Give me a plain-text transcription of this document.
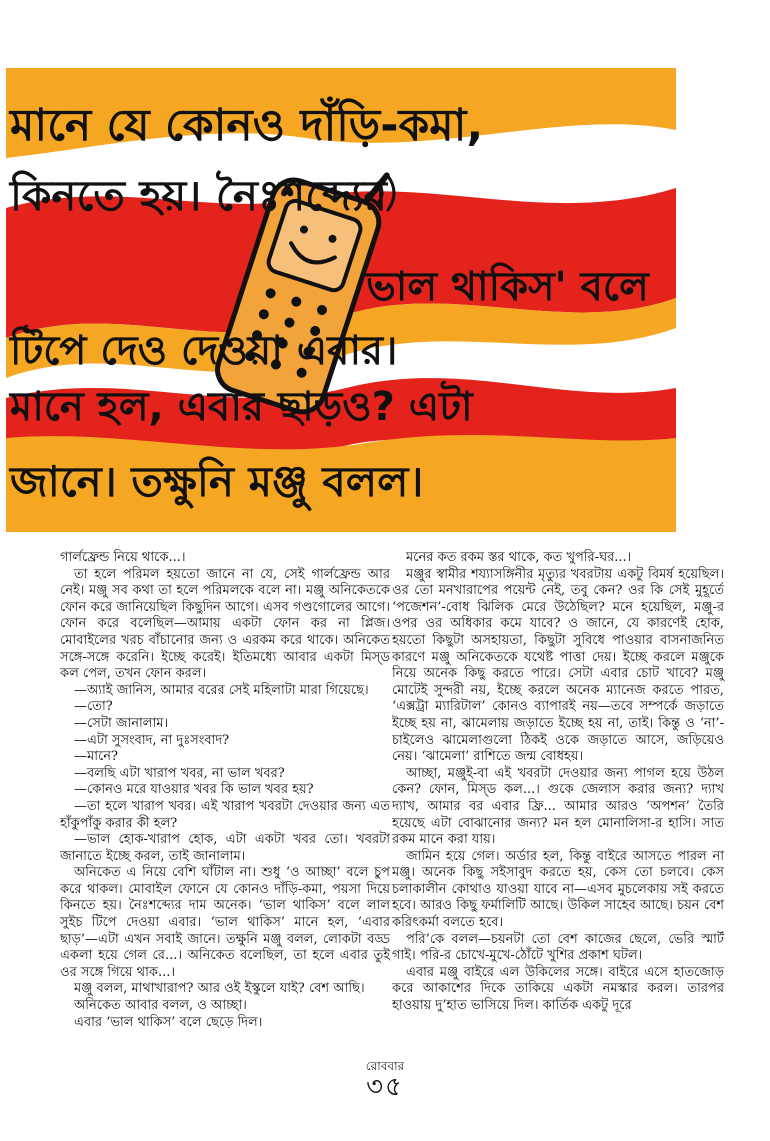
মানে যে কোনও দাঁড়ি-কমা,
কিনতে হয়। নৈঃশব্দ্যের
ভাল থাকিস' বলে
টিপে দেও দেওয়া এবার।
মানে হল, এবার ছাড়ও? এটা
জানে। তক্ষুনি মঞ্জু বলল।

গার্লফ্রেন্ড নিয়ে থাকে...।

তা হলে পরিমল হয়তো জানে না যে, সেই গার্লফ্রেন্ড আর নেই। মঞ্জু সব কথা তা হলে পরিমলকে বলে না। মঞ্জু অনিকেতকে ফোন করে জানিয়েছিল কিছুদিন আগে। এসব গণ্ডগোলের আগে। ফোন করে বলেছিল—আমায় একটা ফোন কর না প্লিজ। মোবাইলের খরচ বাঁচানোর জন্য ও এরকম করে থাকে। অনিকেত সঙ্গে-সঙ্গে করেনি। ইচ্ছে করেই। ইতিমধ্যে আবার একটা মিস্‌ড কল পেল, তখন ফোন করল।

—অ্যাই জানিস, আমার বরের সেই মহিলাটা মারা গিয়েছে।

—তো?

—সেটা জানালাম।

—এটা সুসংবাদ, না দুঃসংবাদ?

—মানে?

—বলছি এটা খারাপ খবর, না ভাল খবর?

—কোনও মরে যাওয়ার খবর কি ভাল খবর হয়?

—তা হলে খারাপ খবর। এই খারাপ খবরটা দেওয়ার জন্য এত হাঁকুপাঁকু করার কী হল?

—ভাল হোক-খারাপ হোক, এটা একটা খবর তো। খবরটা জানাতে ইচ্ছে করল, তাই জানালাম।

অনিকেত এ নিয়ে বেশি ঘাঁটাল না। শুধু ‘ও আচ্ছা’ বলে চুপ করে থাকল। মোবাইল ফোনে যে কোনও দাঁড়ি-কমা, পয়সা দিয়ে কিনতে হয়। নৈঃশব্দ্যের দাম অনেক। ‘ভাল থাকিস’ বলে লাল সুইচ টিপে দেওয়া এবার। ‘ভাল থাকিস’ মানে হল, ‘এবার ছাড়’—এটা এখন সবাই জানে। তক্ষুনি মঞ্জু বলল, লোকটা বড্ড একলা হয়ে গেল রে...। অনিকেত বলেছিল, তা হলে এবার তুই ওর সঙ্গে গিয়ে থাক...।

মঞ্জু বলল, মাথাখারাপ? আর ওই ইস্কুলে যাই? বেশ আছি।

অনিকেত আবার বলল, ও আচ্ছা।

এবার ‘ভাল থাকিস’ বলে ছেড়ে দিল।

মনের কত রকম স্তর থাকে, কত খুপরি-ঘর...।

মঞ্জুর স্বামীর শয্যাসঙ্গিনীর মৃত্যুর খবরটায় একটু বিমর্ষ হয়েছিল। ওর তো মনখারাপের পয়েন্ট নেই, তবু কেন? ওর কি সেই মুহূর্তে ‘পজেশন’-বোধ ঝিলিক মেরে উঠেছিল? মনে হয়েছিল, মঞ্জু-র ওপর ওর অধিকার কমে যাবে? ও জানে, যে কারণেই হোক, হয়তো কিছুটা অসহায়তা, কিছুটা সুবিধে পাওয়ার বাসনাজনিত কারণে মঞ্জু অনিকেতকে যথেষ্ট পাত্তা দেয়। ইচ্ছে করলে মঞ্জুকে নিয়ে অনেক কিছু করতে পারে। সেটা এবার চোট খাবে? মঞ্জু মোটেই সুন্দরী নয়, ইচ্ছে করলে অনেক ম্যানেজ করতে পারত, ‘এক্সট্রা ম্যারিটাল’ কোনও ব্যাপারই নয়—তবে সম্পর্কে জড়াতে ইচ্ছে হয় না, ঝামেলায় জড়াতে ইচ্ছে হয় না, তাই। কিন্তু ও ‘না’-চাইলেও ঝামেলাগুলো ঠিকই ওকে জড়াতে আসে, জড়িয়েও নেয়। ‘ঝামেলা’ রাশিতে জন্ম বোধহয়।

আচ্ছা, মঞ্জুই-বা এই খবরটা দেওয়ার জন্য পাগল হয়ে উঠল কেন? ফোন, মিস্‌ড কল...। গুকে জেলাস করার জন্য? দ্যাখ দ্যাখ, আমার বর এবার ফ্রি... আমার আরও ‘অপশন’ তৈরি হয়েছে এটা বোঝানোর জন্য? মন হল মোনালিসা-র হাসি। সাত রকম মানে করা যায়।

জামিন হয়ে গেল। অর্ডার হল, কিন্তু বাইরে আসতে পারল না মঞ্জু। অনেক কিছু সইসাবুদ করতে হয়, কেস তো চলবে। কেস চলাকালীন কোথাও যাওয়া যাবে না—এসব মুচলেকায় সই করতে হবে। আরও কিছু ফর্মালিটি আছে। উকিল সাহেব আছে। চয়ন বেশ করিৎকর্মা বলতে হবে।

পরি’কে বলল—চয়নটা তো বেশ কাজের ছেলে, ভেরি স্মার্ট গাই। পরি-র চোখে-মুখে-ঠোঁটে খুশির প্রকাশ ঘটল।

এবার মঞ্জু বাইরে এল উকিলের সঙ্গে। বাইরে এসে হাতজোড় করে আকাশের দিকে তাকিয়ে একটা নমস্কার করল। তারপর হাওয়ায় দু’হাত ভাসিয়ে দিল। কার্তিক একটু দূরে

রোববার
৩৫
